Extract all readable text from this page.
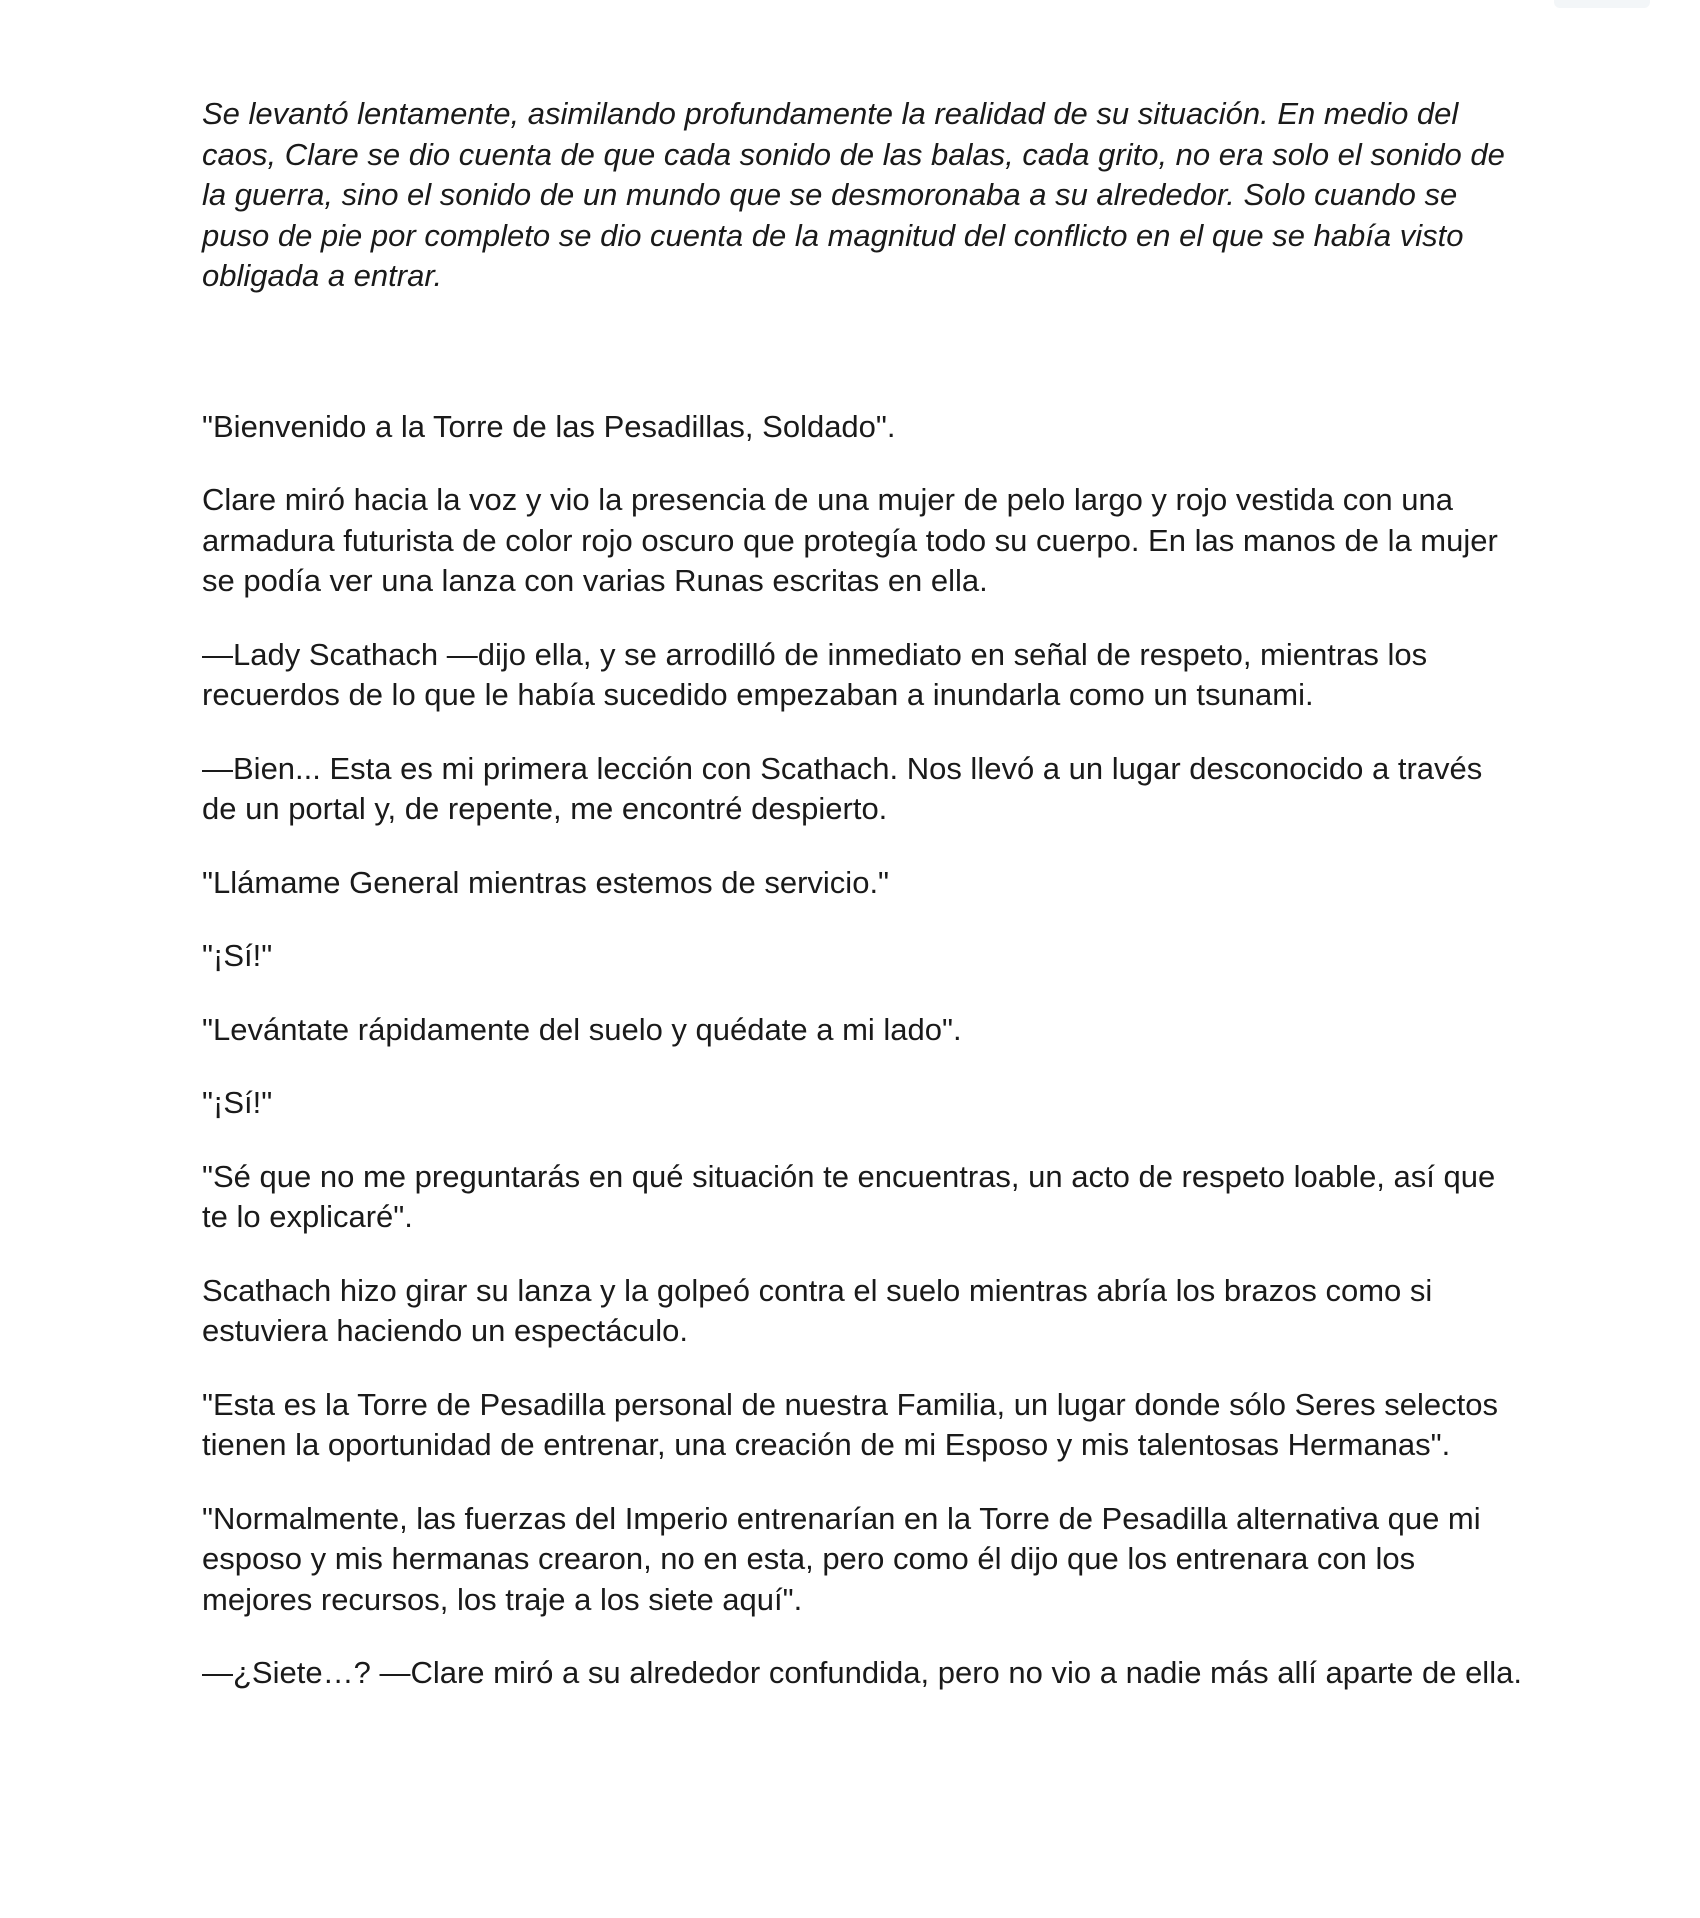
Se levantó lentamente, asimilando profundamente la realidad de su situación. En medio del caos, Clare se dio cuenta de que cada sonido de las balas, cada grito, no era solo el sonido de la guerra, sino el sonido de un mundo que se desmoronaba a su alrededor. Solo cuando se puso de pie por completo se dio cuenta de la magnitud del conflicto en el que se había visto obligada a entrar.

"Bienvenido a la Torre de las Pesadillas, Soldado".

Clare miró hacia la voz y vio la presencia de una mujer de pelo largo y rojo vestida con una armadura futurista de color rojo oscuro que protegía todo su cuerpo. En las manos de la mujer se podía ver una lanza con varias Runas escritas en ella.

—Lady Scathach —dijo ella, y se arrodilló de inmediato en señal de respeto, mientras los recuerdos de lo que le había sucedido empezaban a inundarla como un tsunami.

—Bien... Esta es mi primera lección con Scathach. Nos llevó a un lugar desconocido a través de un portal y, de repente, me encontré despierto.

"Llámame General mientras estemos de servicio."

"¡Sí!"

"Levántate rápidamente del suelo y quédate a mi lado".

"¡Sí!"

"Sé que no me preguntarás en qué situación te encuentras, un acto de respeto loable, así que te lo explicaré".

Scathach hizo girar su lanza y la golpeó contra el suelo mientras abría los brazos como si estuviera haciendo un espectáculo.

"Esta es la Torre de Pesadilla personal de nuestra Familia, un lugar donde sólo Seres selectos tienen la oportunidad de entrenar, una creación de mi Esposo y mis talentosas Hermanas".

"Normalmente, las fuerzas del Imperio entrenarían en la Torre de Pesadilla alternativa que mi esposo y mis hermanas crearon, no en esta, pero como él dijo que los entrenara con los mejores recursos, los traje a los siete aquí".

—¿Siete…? —Clare miró a su alrededor confundida, pero no vio a nadie más allí aparte de ella.
